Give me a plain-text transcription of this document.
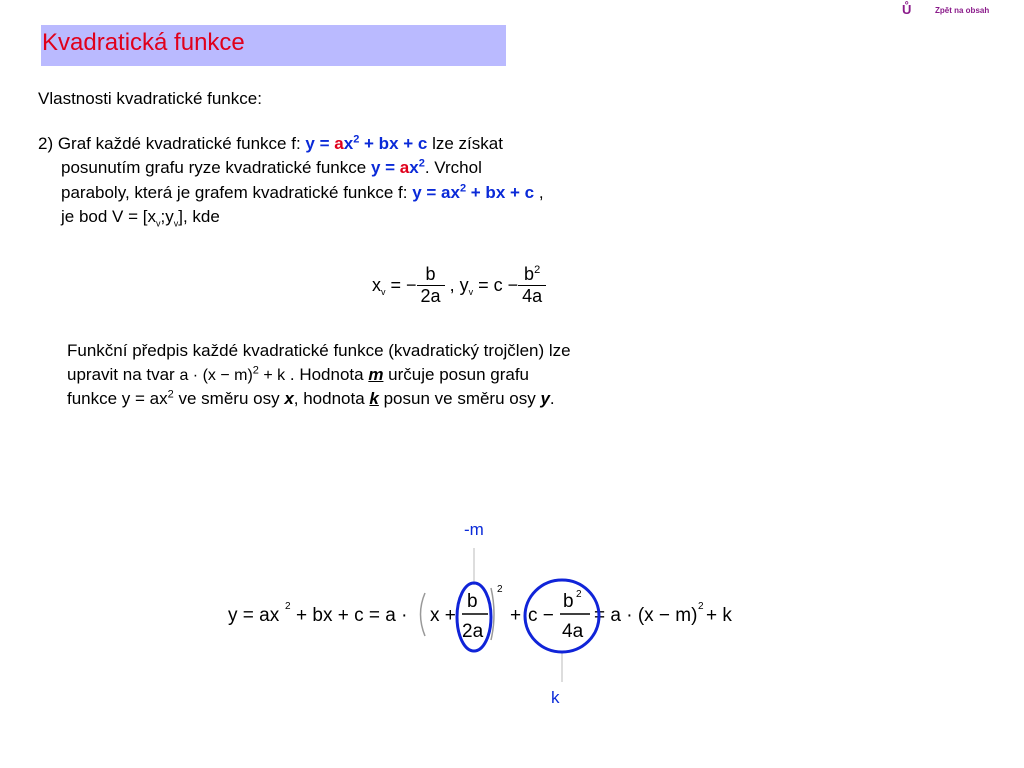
Kvadratická funkce
Ů	Zpět na obsah
Vlastnosti kvadratické funkce:
2) Graf každé kvadratické funkce f: $y = ax^2$ + bx + c lze získat
posunutím grafu ryze kvadratické funkce $y = ax^2$. Vrchol
paraboly, která je grafem kvadratické funkce f: $y = ax^2$ + bx + c ,
je bod $V = [x_v;y_v]$, kde
$x_v$ = − $\frac{b}{2a}$ , $y_v = c - \frac{b^2}{4a}$
Funkční předpis každé kvadratické funkce (kvadratický trojčlen) lze
upravit na tvar $a \cdot (x - m)^2 + k$ . Hodnota m určuje posun grafu
funkce $y = ax^2$ ve směru osy x, hodnota k posun ve směru osy y.
-m
k
y = ax 2 + bx + c = a · x +
b
2a
2
+ c −
b 2
4a
= a · (x − m) 2 + k
